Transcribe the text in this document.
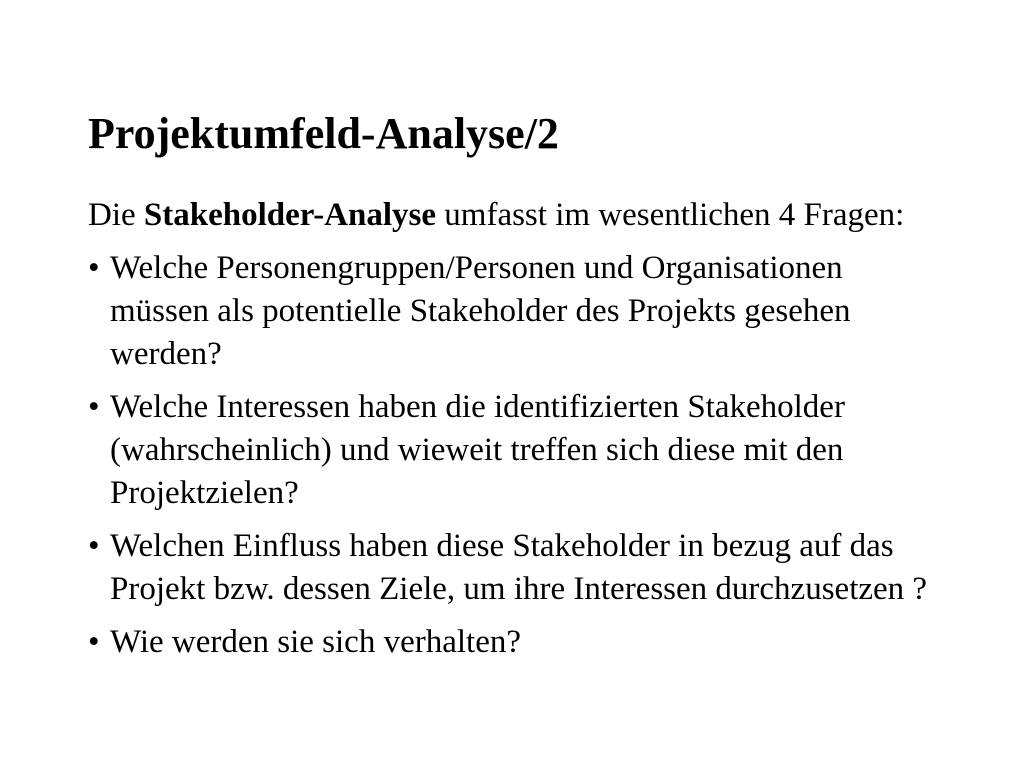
Projektumfeld-Analyse/2

Die Stakeholder-Analyse umfasst im wesentlichen 4 Fragen:

• Welche Personengruppen/Personen und Organisationen müssen als potentielle Stakeholder des Projekts gesehen werden?
• Welche Interessen haben die identifizierten Stakeholder (wahrscheinlich) und wieweit treffen sich diese mit den Projektzielen?
• Welchen Einfluss haben diese Stakeholder in bezug auf das Projekt bzw. dessen Ziele, um ihre Interessen durchzusetzen ?
• Wie werden sie sich verhalten?
